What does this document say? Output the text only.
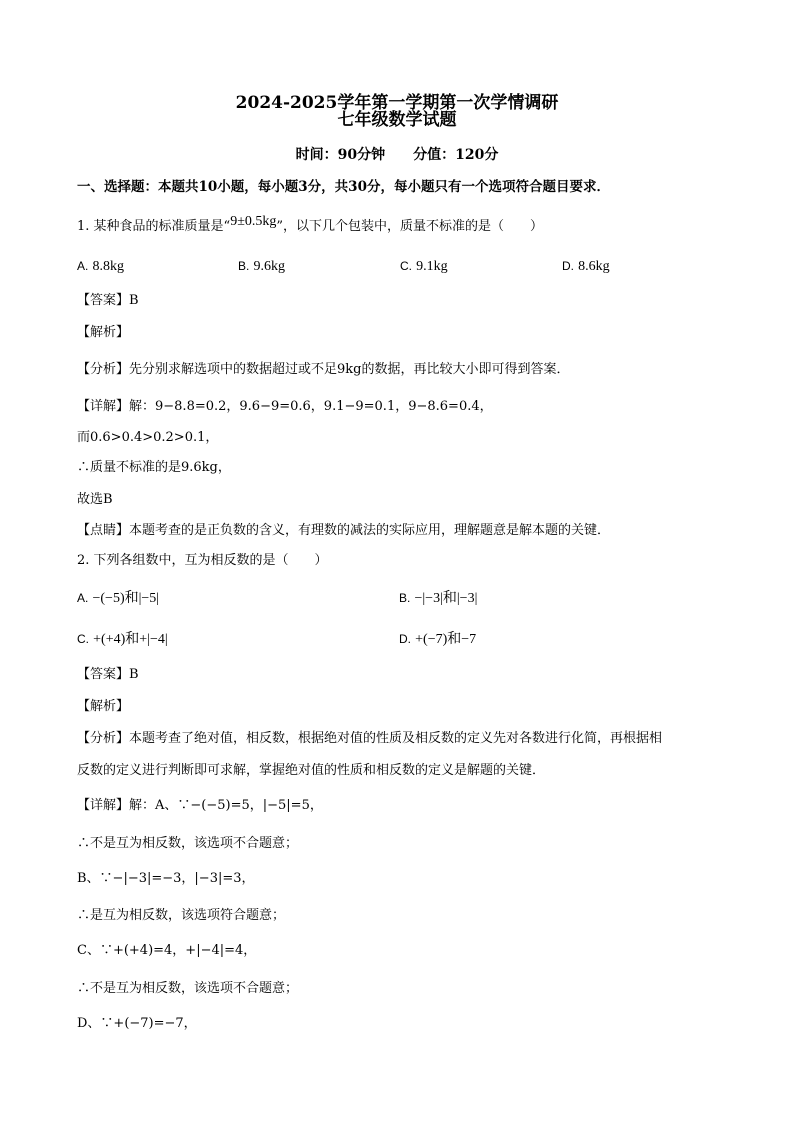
2024-2025学年第一学期第一次学情调研
七年级数学试题
时间：90分钟　　分值：120分
一、选择题：本题共10小题，每小题3分，共30分，每小题只有一个选项符合题目要求．
1. 某种食品的标准质量是“9±0.5kg”，以下几个包装中，质量不标准的是（　　）
A. 8.8kg	B. 9.6kg	C. 9.1kg	D. 8.6kg
【答案】B
【解析】
【分析】先分别求解选项中的数据超过或不足9kg的数据，再比较大小即可得到答案．
【详解】解：9−8.8=0.2，9.6−9=0.6，9.1−9=0.1，9−8.6=0.4，
而0.6>0.4>0.2>0.1，
∴质量不标准的是9.6kg，
故选B
【点睛】本题考查的是正负数的含义，有理数的减法的实际应用，理解题意是解本题的关键．
2. 下列各组数中，互为相反数的是（　　）
A. −(−5)和|−5|	B. −|−3|和|−3|
C. +(+4)和+|−4|	D. +(−7)和−7
【答案】B
【解析】
【分析】本题考查了绝对值，相反数，根据绝对值的性质及相反数的定义先对各数进行化简，再根据相
反数的定义进行判断即可求解，掌握绝对值的性质和相反数的定义是解题的关键．
【详解】解：A、∵−(−5)=5，|−5|=5，
∴不是互为相反数，该选项不合题意；
B、∵−|−3|=−3，|−3|=3，
∴是互为相反数，该选项符合题意；
C、∵+(+4)=4，+|−4|=4，
∴不是互为相反数，该选项不合题意；
D、∵+(−7)=−7，
